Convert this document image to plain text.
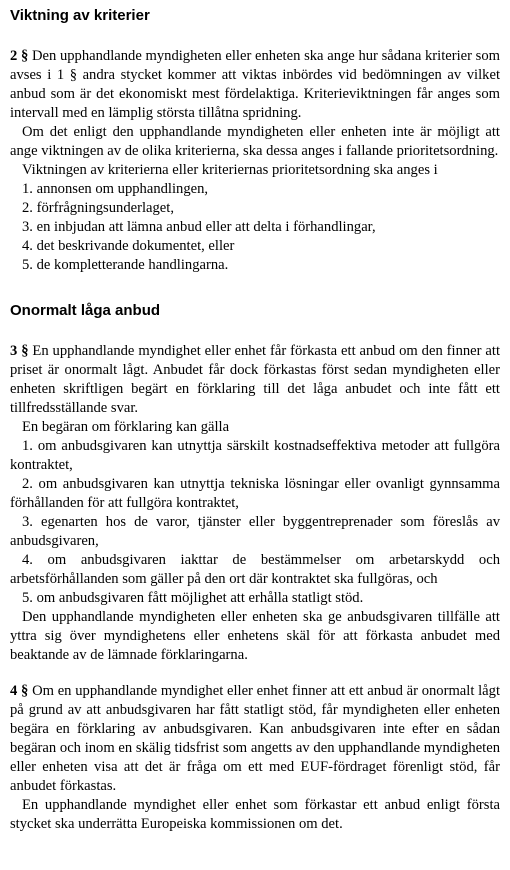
Viktning av kriterier

2 § Den upphandlande myndigheten eller enheten ska ange hur sådana kriterier som avses i 1 § andra stycket kommer att viktas inbördes vid bedömningen av vilket anbud som är det ekonomiskt mest fördelaktiga. Kriterieviktningen får anges som intervall med en lämplig största tillåtna spridning.

Om det enligt den upphandlande myndigheten eller enheten inte är möjligt att ange viktningen av de olika kriterierna, ska dessa anges i fallande prioritetsordning.

Viktningen av kriterierna eller kriteriernas prioritetsordning ska anges i

1. annonsen om upphandlingen,
2. förfrågningsunderlaget,
3. en inbjudan att lämna anbud eller att delta i förhandlingar,
4. det beskrivande dokumentet, eller
5. de kompletterande handlingarna.
Onormalt låga anbud

3 § En upphandlande myndighet eller enhet får förkasta ett anbud om den finner att priset är onormalt lågt. Anbudet får dock förkastas först sedan myndigheten eller enheten skriftligen begärt en förklaring till det låga anbudet och inte fått ett tillfredsställande svar.

En begäran om förklaring kan gälla

1. om anbudsgivaren kan utnyttja särskilt kostnadseffektiva metoder att fullgöra kontraktet,

2. om anbudsgivaren kan utnyttja tekniska lösningar eller ovanligt gynnsamma förhållanden för att fullgöra kontraktet,

3. egenarten hos de varor, tjänster eller byggentreprenader som föreslås av anbudsgivaren,

4. om anbudsgivaren iakttar de bestämmelser om arbetarskydd och arbetsförhållanden som gäller på den ort där kontraktet ska fullgöras, och

5. om anbudsgivaren fått möjlighet att erhålla statligt stöd.

Den upphandlande myndigheten eller enheten ska ge anbudsgivaren tillfälle att yttra sig över myndighetens eller enhetens skäl för att förkasta anbudet med beaktande av de lämnade förklaringarna.

4 § Om en upphandlande myndighet eller enhet finner att ett anbud är onormalt lågt på grund av att anbudsgivaren har fått statligt stöd, får myndigheten eller enheten begära en förklaring av anbudsgivaren. Kan anbudsgivaren inte efter en sådan begäran och inom en skälig tidsfrist som angetts av den upphandlande myndigheten eller enheten visa att det är fråga om ett med EUF-fördraget förenligt stöd, får anbudet förkastas.

En upphandlande myndighet eller enhet som förkastar ett anbud enligt första stycket ska underrätta Europeiska kommissionen om det.
